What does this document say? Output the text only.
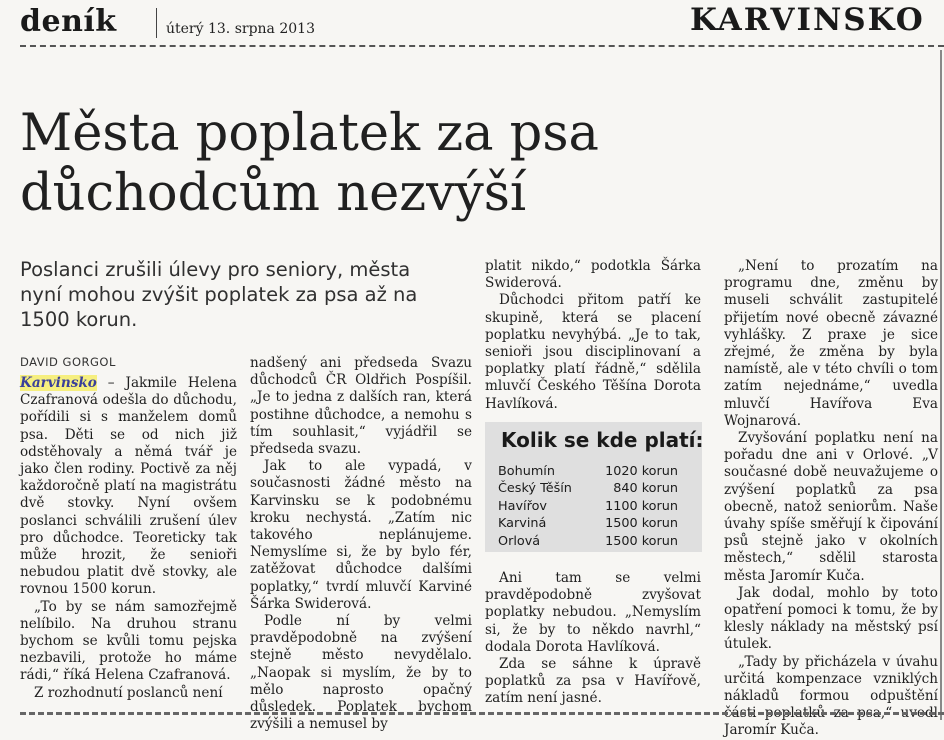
deník	úterý 13. srpna 2013	KARVINSKO
Města poplatek za psa
důchodcům nezvýší
Poslanci zrušili úlevy pro seniory, města nyní mohou zvýšit poplatek za psa až na 1500 korun.
DAVID GORGOL

Karvinsko – Jakmile Helena Czafranová odešla do důchodu, pořídili si s manželem domů psa. Děti se od nich již odstěhovaly a němá tvář je jako člen rodiny. Poctivě za něj každoročně platí na magistrátu dvě stovky. Nyní ovšem poslanci schválili zrušení úlev pro důchodce. Teoreticky tak může hrozit, že senioři nebudou platit dvě stovky, ale rovnou 1500 korun.

„To by se nám samozřejmě nelíbilo. Na druhou stranu bychom se kvůli tomu pejska nezbavili, protože ho máme rádi,“ říká Helena Czafranová.

Z rozhodnutí poslanců není

nadšený ani předseda Svazu důchodců ČR Oldřich Pospíšil. „Je to jedna z dalších ran, která postihne důchodce, a nemohu s tím souhlasit,“ vyjádřil se předseda svazu.

Jak to ale vypadá, v současnosti žádné město na Karvinsku se k podobnému kroku nechystá. „Zatím nic takového neplánujeme. Nemyslíme si, že by bylo fér, zatěžovat důchodce dalšími poplatky,“ tvrdí mluvčí Karviné Šárka Swiderová.

Podle ní by velmi pravděpodobně na zvýšení stejně město nevydělalo. „Naopak si myslím, že by to mělo naprosto opačný důsledek. Poplatek bychom zvýšili a nemusel by

platit nikdo,“ podotkla Šárka Swiderová.

Důchodci přitom patří ke skupině, která se placení poplatku nevyhýbá. „Je to tak, senioři jsou disciplinovaní a poplatky platí řádně,“ sdělila mluvčí Českého Těšína Dorota Havlíková.

Kolik se kde platí:
Bohumín	1020 korun
Český Těšín	840 korun
Havířov	1100 korun
Karviná	1500 korun
Orlová	1500 korun

Ani tam se velmi pravděpodobně zvyšovat poplatky nebudou. „Nemyslím si, že by to někdo navrhl,“ dodala Dorota Havlíková.

Zda se sáhne k úpravě poplatků za psa v Havířově, zatím není jasné.

„Není to prozatím na programu dne, změnu by museli schválit zastupitelé přijetím nové obecně závazné vyhlášky. Z praxe je sice zřejmé, že změna by byla namístě, ale v této chvíli o tom zatím nejednáme,“ uvedla mluvčí Havířova Eva Wojnarová.

Zvyšování poplatku není na pořadu dne ani v Orlové. „V současné době neuvažujeme o zvýšení poplatků za psa obecně, natož seniorům. Naše úvahy spíše směřují k čipování psů stejně jako v okolních městech,“ sdělil starosta města Jaromír Kuča.

Jak dodal, mohlo by toto opatření pomoci k tomu, že by klesly náklady na městský psí útulek.

„Tady by přicházela v úvahu určitá kompenzace vzniklých nákladů formou odpuštění části poplatků za psa,“ uvedl Jaromír Kuča.
